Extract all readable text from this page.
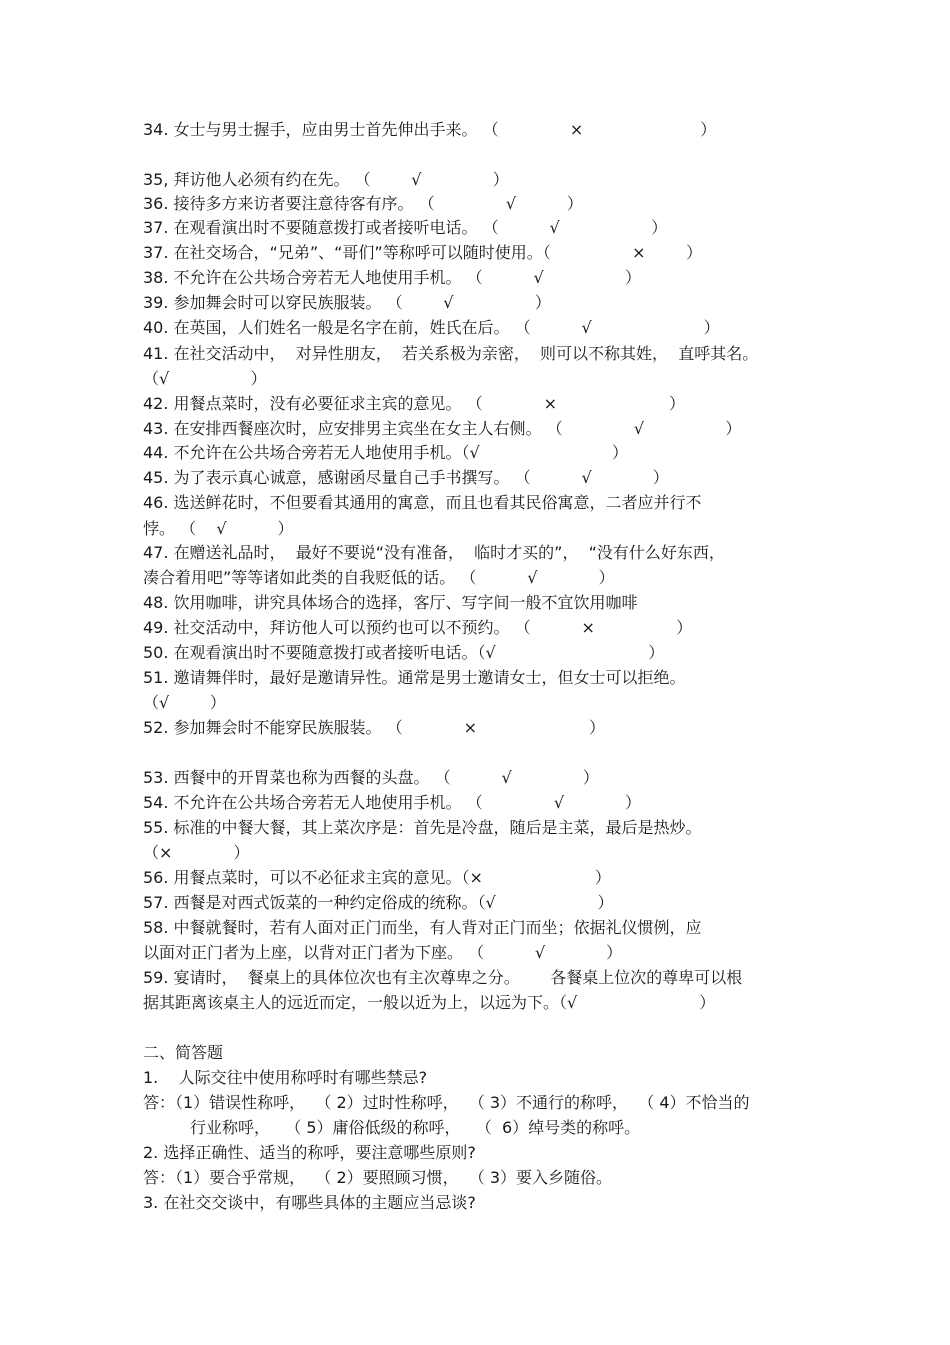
34. 女士与男士握手，应由男士首先伸出手来。 （              ×                       ）
35, 拜访他人必须有约在先。 （        √              ）
36. 接待多方来访者要注意待客有序。 （              √          ）
37. 在观看演出时不要随意拨打或者接听电话。 （          √                  ）
37. 在社交场合，“兄弟”、“哥们”等称呼可以随时使用。（                ×        ）
38. 不允许在公共场合旁若无人地使用手机。 （          √                ）
39. 参加舞会时可以穿民族服装。 （        √                ）
40. 在英国，人们姓名一般是名字在前，姓氏在后。 （          √                      ）
41. 在社交活动中，  对异性朋友，  若关系极为亲密，  则可以不称其姓，  直呼其名。
（√                ）
42. 用餐点菜时，没有必要征求主宾的意见。 （            ×                      ）
43. 在安排西餐座次时，应安排男主宾坐在女主人右侧。 （              √                ）
44. 不允许在公共场合旁若无人地使用手机。（√                          ）
45. 为了表示真心诚意，感谢函尽量自己手书撰写。 （          √            ）
46. 选送鲜花时，不但要看其通用的寓意，而且也看其民俗寓意，二者应并行不
悖。 （    √          ）
47. 在赠送礼品时，  最好不要说“没有准备，  临时才买的”，  “没有什么好东西，
凑合着用吧”等等诸如此类的自我贬低的话。 （          √            ）
48. 饮用咖啡，讲究具体场合的选择，客厅、写字间一般不宜饮用咖啡
49. 社交活动中，拜访他人可以预约也可以不预约。 （          ×                ）
50. 在观看演出时不要随意拨打或者接听电话。（√                              ）
51. 邀请舞伴时，最好是邀请异性。通常是男士邀请女士，但女士可以拒绝。
（√        ）
52. 参加舞会时不能穿民族服装。 （            ×                      ）
53. 西餐中的开胃菜也称为西餐的头盘。 （          √              ）
54. 不允许在公共场合旁若无人地使用手机。 （              √            ）
55. 标准的中餐大餐，其上菜次序是：首先是冷盘，随后是主菜，最后是热炒。
（×            ）
56. 用餐点菜时，可以不必征求主宾的意见。（×                      ）
57. 西餐是对西式饭菜的一种约定俗成的统称。（√                    ）
58. 中餐就餐时，若有人面对正门而坐，有人背对正门而坐；依据礼仪惯例，应
以面对正门者为上座，以背对正门者为下座。 （          √            ）
59. 宴请时，  餐桌上的具体位次也有主次尊卑之分。      各餐桌上位次的尊卑可以根
据其距离该桌主人的远近而定，一般以近为上，以远为下。（√                        ）
二、简答题
1.    人际交往中使用称呼时有哪些禁忌?
答：（1）错误性称呼，  （ 2）过时性称呼，  （ 3）不通行的称呼，  （ 4）不恰当的
行业称呼，   （ 5）庸俗低级的称呼，   （  6）绰号类的称呼。
2. 选择正确性、适当的称呼，要注意哪些原则?
答：（1）要合乎常规，  （ 2）要照顾习惯，  （ 3）要入乡随俗。
3. 在社交交谈中，有哪些具体的主题应当忌谈?
